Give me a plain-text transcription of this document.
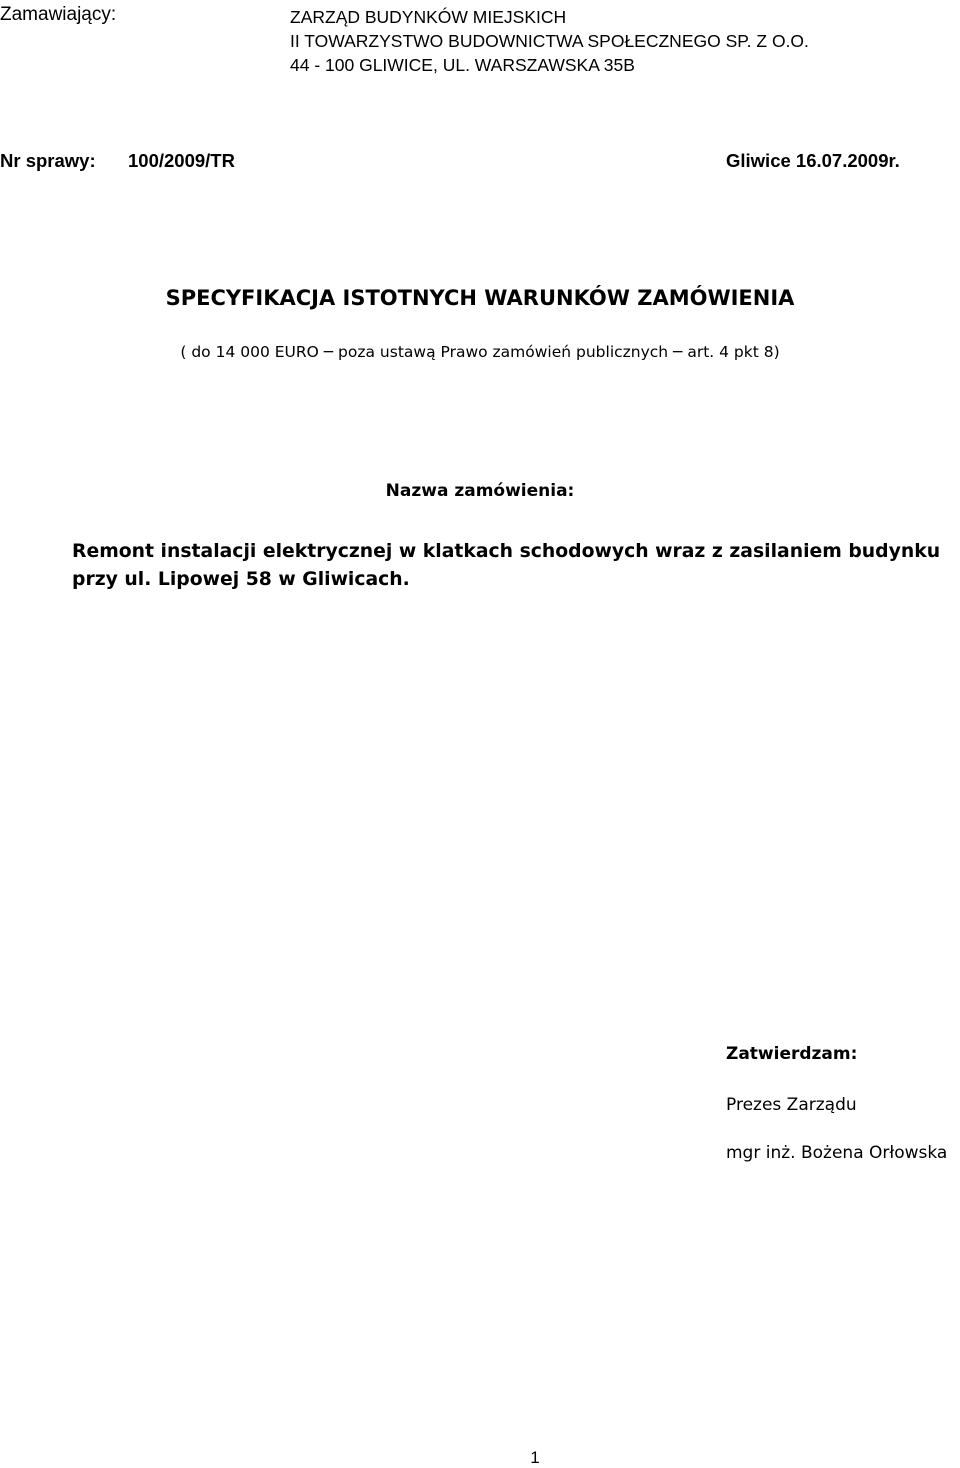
Zamawiający:	ZARZĄD BUDYNKÓW MIEJSKICH
II TOWARZYSTWO BUDOWNICTWA SPOŁECZNEGO SP. Z O.O.
44 - 100 GLIWICE, UL. WARSZAWSKA 35B
Nr sprawy: 100/2009/TR	Gliwice 16.07.2009r.
SPECYFIKACJA ISTOTNYCH WARUNKÓW ZAMÓWIENIA
( do 14 000 EURO ─ poza ustawą Prawo zamówień publicznych ─ art. 4 pkt 8)
Nazwa zamówienia:
Remont instalacji elektrycznej w klatkach schodowych wraz z zasilaniem budynku przy ul. Lipowej 58 w Gliwicach.
Zatwierdzam:
Prezes Zarządu
mgr inż. Bożena Orłowska
1
